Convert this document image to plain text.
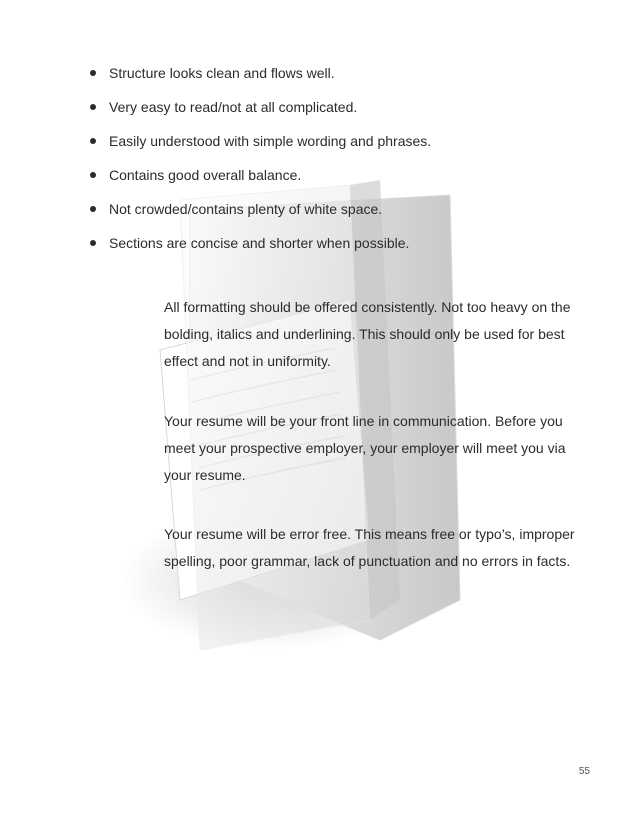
Structure looks clean and flows well.
Very easy to read/not at all complicated.
Easily understood with simple wording and phrases.
Contains good overall balance.
Not crowded/contains plenty of white space.
Sections are concise and shorter when possible.

All formatting should be offered consistently. Not too heavy on the bolding, italics and underlining. This should only be used for best effect and not in uniformity.

Your resume will be your front line in communication. Before you meet your prospective employer, your employer will meet you via your resume.

Your resume will be error free. This means free or typo’s, improper spelling, poor grammar, lack of punctuation and no errors in facts.

55
